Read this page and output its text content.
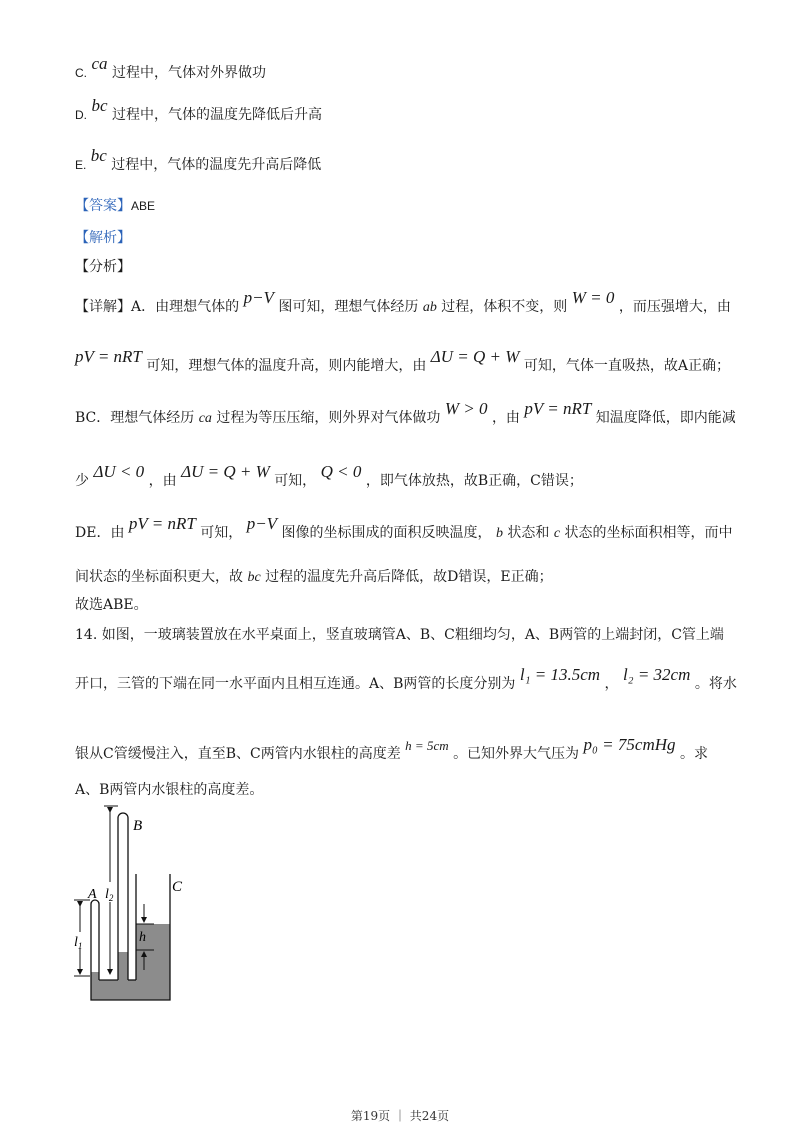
C. ca 过程中，气体对外界做功
D. bc 过程中，气体的温度先降低后升高
E. bc 过程中，气体的温度先升高后降低
【答案】ABE
【解析】
【分析】
【详解】A．由理想气体的 p−V 图可知，理想气体经历 ab 过程，体积不变，则 W = 0 ，而压强增大，由
pV = nRT 可知，理想气体的温度升高，则内能增大，由 ΔU = Q + W 可知，气体一直吸热，故A正确；
BC．理想气体经历 ca 过程为等压压缩，则外界对气体做功 W > 0 ，由 pV = nRT 知温度降低，即内能减
少 ΔU < 0 ，由 ΔU = Q + W 可知， Q < 0 ，即气体放热，故B正确，C错误；
DE．由 pV = nRT 可知， p−V 图像的坐标围成的面积反映温度， b 状态和 c 状态的坐标面积相等，而中
间状态的坐标面积更大，故 bc 过程的温度先升高后降低，故D错误，E正确；
故选ABE。
14. 如图，一玻璃装置放在水平桌面上，竖直玻璃管A、B、C粗细均匀，A、B两管的上端封闭，C管上端
开口，三管的下端在同一水平面内且相互连通。A、B两管的长度分别为 l₁ = 13.5cm ， l₂ = 32cm 。将水
银从C管缓慢注入，直至B、C两管内水银柱的高度差 h = 5cm 。已知外界大气压为 p₀ = 75cmHg 。求
A、B两管内水银柱的高度差。
A
B
C
$l_1$
$l_2$
h
第19页 ｜ 共24页
